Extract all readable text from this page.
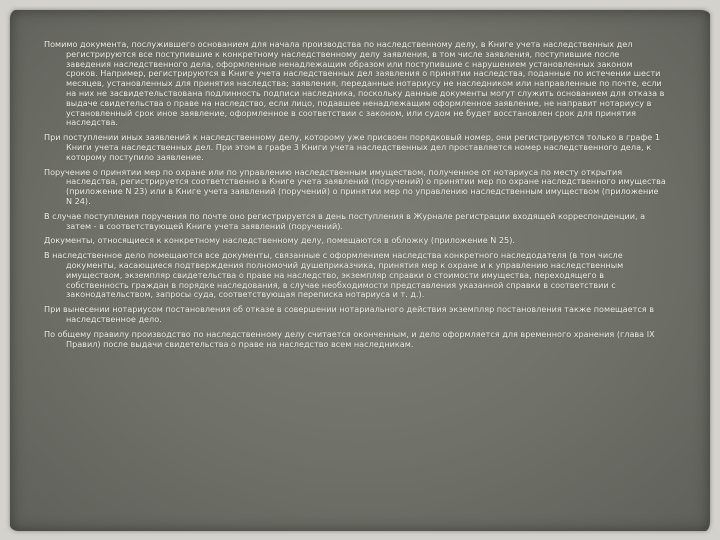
Помимо документа, послужившего основанием для начала производства по наследственному делу, в Книге учета наследственных дел регистрируются все поступившие к конкретному наследственному делу заявления, в том числе заявления, поступившие после заведения наследственного дела, оформленные ненадлежащим образом или поступившие с нарушением установленных законом сроков. Например, регистрируются в Книге учета наследственных дел заявления о принятии наследства, поданные по истечении шести месяцев, установленных для принятия наследства; заявления, переданные нотариусу не наследником или направленные по почте, если на них не засвидетельствована подлинность подписи наследника, поскольку данные документы могут служить основанием для отказа в выдаче свидетельства о праве на наследство, если лицо, подавшее ненадлежащим оформленное заявление, не направит нотариусу в установленный срок иное заявление, оформленное в соответствии с законом, или судом не будет восстановлен срок для принятия наследства.

При поступлении иных заявлений к наследственному делу, которому уже присвоен порядковый номер, они регистрируются только в графе 1 Книги учета наследственных дел. При этом в графе 3 Книги учета наследственных дел проставляется номер наследственного дела, к которому поступило заявление.

Поручение о принятии мер по охране или по управлению наследственным имуществом, полученное от нотариуса по месту открытия наследства, регистрируется соответственно в Книге учета заявлений (поручений) о принятии мер по охране наследственного имущества (приложение N 23) или в Книге учета заявлений (поручений) о принятии мер по управлению наследственным имуществом (приложение N 24).

В случае поступления поручения по почте оно регистрируется в день поступления в Журнале регистрации входящей корреспонденции, а затем - в соответствующей Книге учета заявлений (поручений).

Документы, относящиеся к конкретному наследственному делу, помещаются в обложку (приложение N 25).

В наследственное дело помещаются все документы, связанные с оформлением наследства конкретного наследодателя (в том числе документы, касающиеся подтверждения полномочий душеприказчика, принятия мер к охране и к управлению наследственным имуществом, экземпляр свидетельства о праве на наследство, экземпляр справки о стоимости имущества, переходящего в собственность граждан в порядке наследования, в случае необходимости представления указанной справки в соответствии с законодательством, запросы суда, соответствующая переписка нотариуса и т. д.).

При вынесении нотариусом постановления об отказе в совершении нотариального действия экземпляр постановления также помещается в наследственное дело.

По общему правилу производство по наследственному делу считается оконченным, и дело оформляется для временного хранения (глава IX Правил) после выдачи свидетельства о праве на наследство всем наследникам.
